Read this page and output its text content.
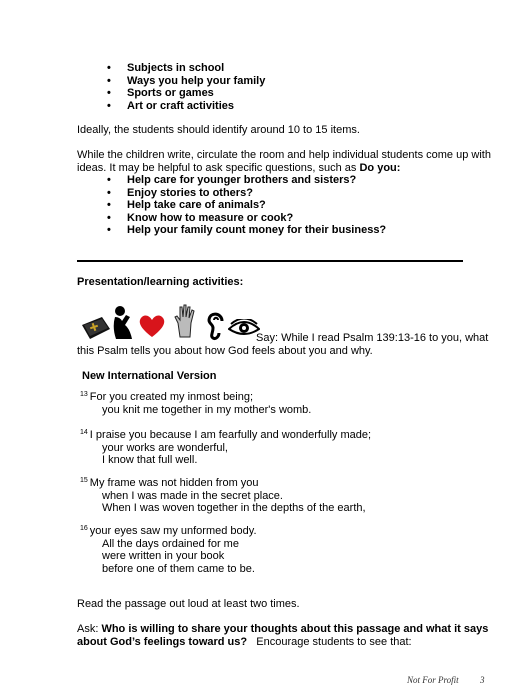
• Subjects in school
• Ways you help your family
• Sports or games
• Art or craft activities
Ideally, the students should identify around 10 to 15 items.
While the children write, circulate the room and help individual students come up with
ideas. It may be helpful to ask specific questions, such as Do you:
• Help care for younger brothers and sisters?
• Enjoy stories to others?
• Help take care of animals?
• Know how to measure or cook?
• Help your family count money for their business?
Presentation/learning activities:
Say: While I read Psalm 139:13-16 to you, what
this Psalm tells you about how God feels about you and why.
New International Version
$^{13}$ For you created my inmost being;
you knit me together in my mother's womb.
$^{14}$ I praise you because I am fearfully and wonderfully made;
your works are wonderful,
I know that full well.
$^{15}$ My frame was not hidden from you
when I was made in the secret place.
When I was woven together in the depths of the earth,
$^{16}$ your eyes saw my unformed body.
All the days ordained for me
were written in your book
before one of them came to be.
Read the passage out loud at least two times.
Ask: Who is willing to share your thoughts about this passage and what it says
about God’s feelings toward us?   Encourage students to see that:
Not For Profit 3
